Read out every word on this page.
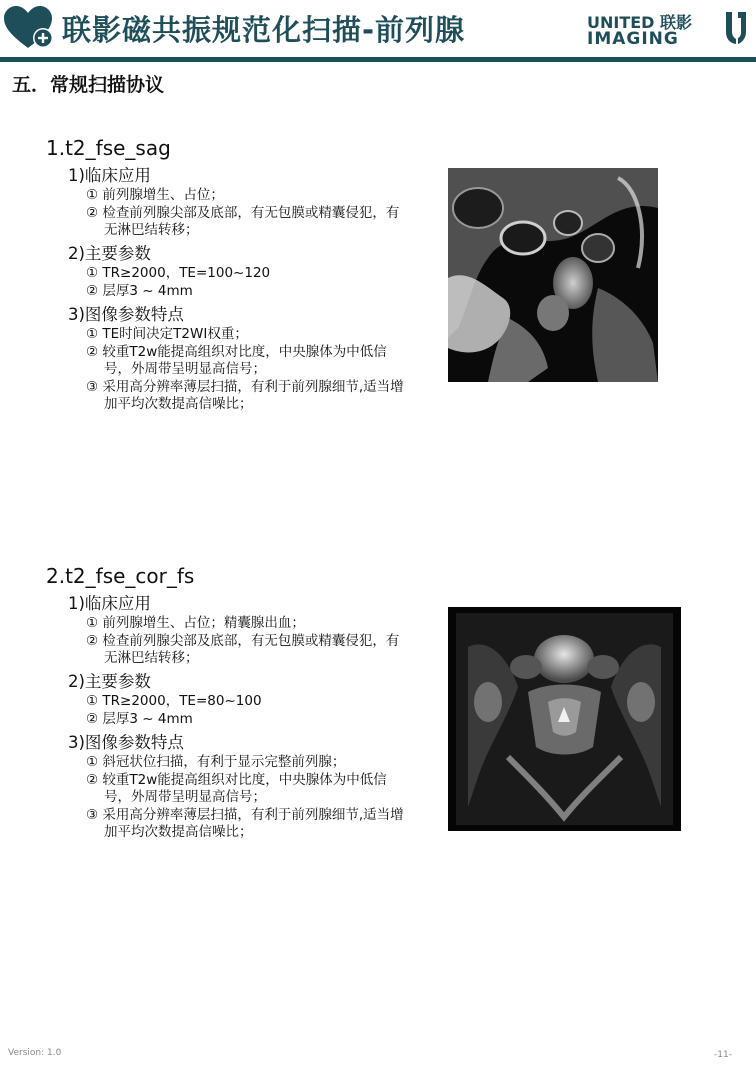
联影磁共振规范化扫描-前列腺	UNITED 联影
IMAGING
五．常规扫描协议
1.t2_fse_sag
1)临床应用
① 前列腺增生、占位；
② 检查前列腺尖部及底部，有无包膜或精囊侵犯，有无淋巴结转移；
2)主要参数
① TR≥2000，TE=100~120
② 层厚3 ~ 4mm
3)图像参数特点
① TE时间决定T2WI权重；
② 较重T2w能提高组织对比度，中央腺体为中低信号，外周带呈明显高信号；
③ 采用高分辨率薄层扫描，有利于前列腺细节,适当增加平均次数提高信噪比；
2.t2_fse_cor_fs
1)临床应用
① 前列腺增生、占位；精囊腺出血；
② 检查前列腺尖部及底部，有无包膜或精囊侵犯，有无淋巴结转移；
2)主要参数
① TR≥2000，TE=80~100
② 层厚3 ~ 4mm
3)图像参数特点
① 斜冠状位扫描，有利于显示完整前列腺；
② 较重T2w能提高组织对比度，中央腺体为中低信号，外周带呈明显高信号；
③ 采用高分辨率薄层扫描，有利于前列腺细节,适当增加平均次数提高信噪比；
Version: 1.0	-11-
